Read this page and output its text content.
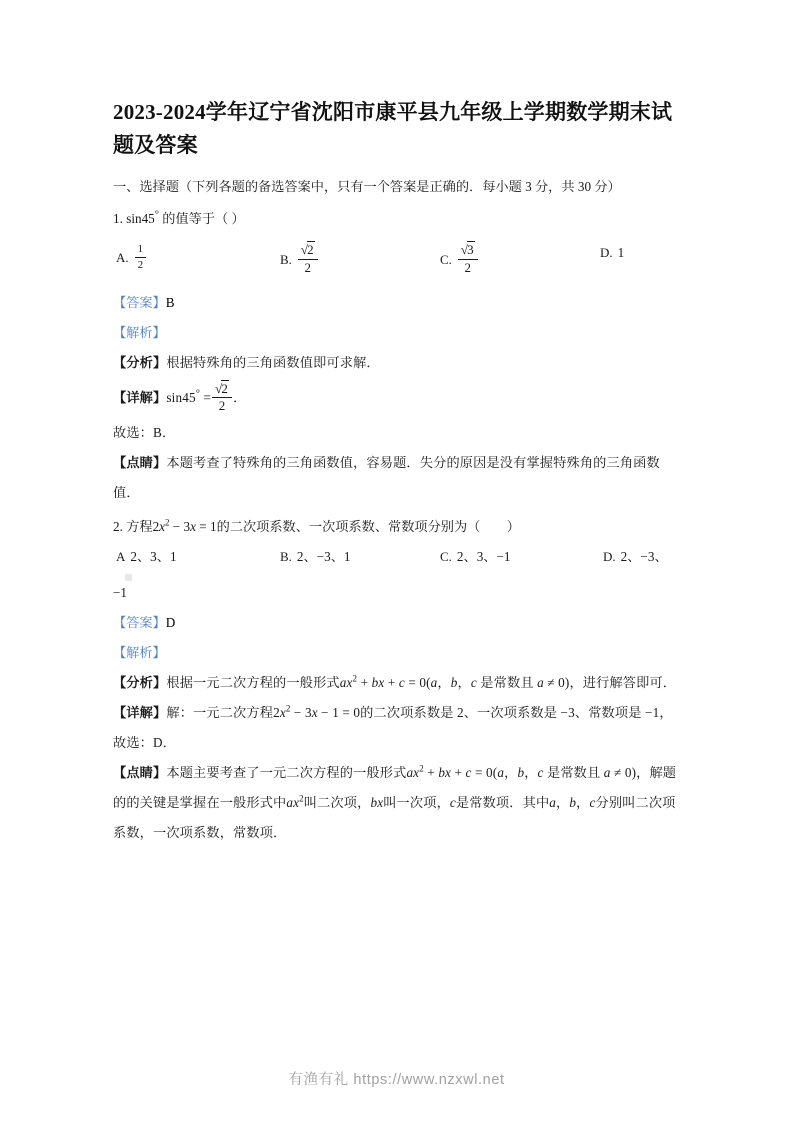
2023-2024学年辽宁省沈阳市康平县九年级上学期数学期末试题及答案

一、选择题（下列各题的备选答案中，只有一个答案是正确的．每小题 3 分，共 30 分）

1. sin45° 的值等于（ ）

A. $\frac{1}{2}$	B. $\frac{√2}{2}$	C. $\frac{√3}{2}$	D. 1

【答案】B

【解析】

【分析】根据特殊角的三角函数值即可求解．

【详解】$\sin 45^\circ = \frac{√2}{2}$ ．

故选：B．

【点睛】本题考查了特殊角的三角函数值，容易题．失分的原因是没有掌握特殊角的三角函数值．

2. 方程$2x^2 - 3x = 1$的二次项系数、一次项系数、常数项分别为（　　）

A 2、3、1	B. 2、−3、1	C. 2、3、−1	D. 2、−3、

−1

【答案】D

【解析】

【分析】根据一元二次方程的一般形式$ax^2$ + bx + c = 0(a，b，c 是常数且 a ≠ 0)，进行解答即可．

【详解】解：一元二次方程$2x^2 - 3x - 1 = 0$的二次项系数是 2、一次项系数是 −3、常数项是 −1，

故选：D．

【点睛】本题主要考查了一元二次方程的一般形式$ax^2$ + bx + c = 0(a，b，c 是常数且 a ≠ 0)，解题的的关键是掌握在一般形式中$ax^2$叫二次项，bx叫一次项，c是常数项．其中a，b，c分别叫二次项系数，一次项系数，常数项．

有渔有礼 https://www.nzxwl.net
